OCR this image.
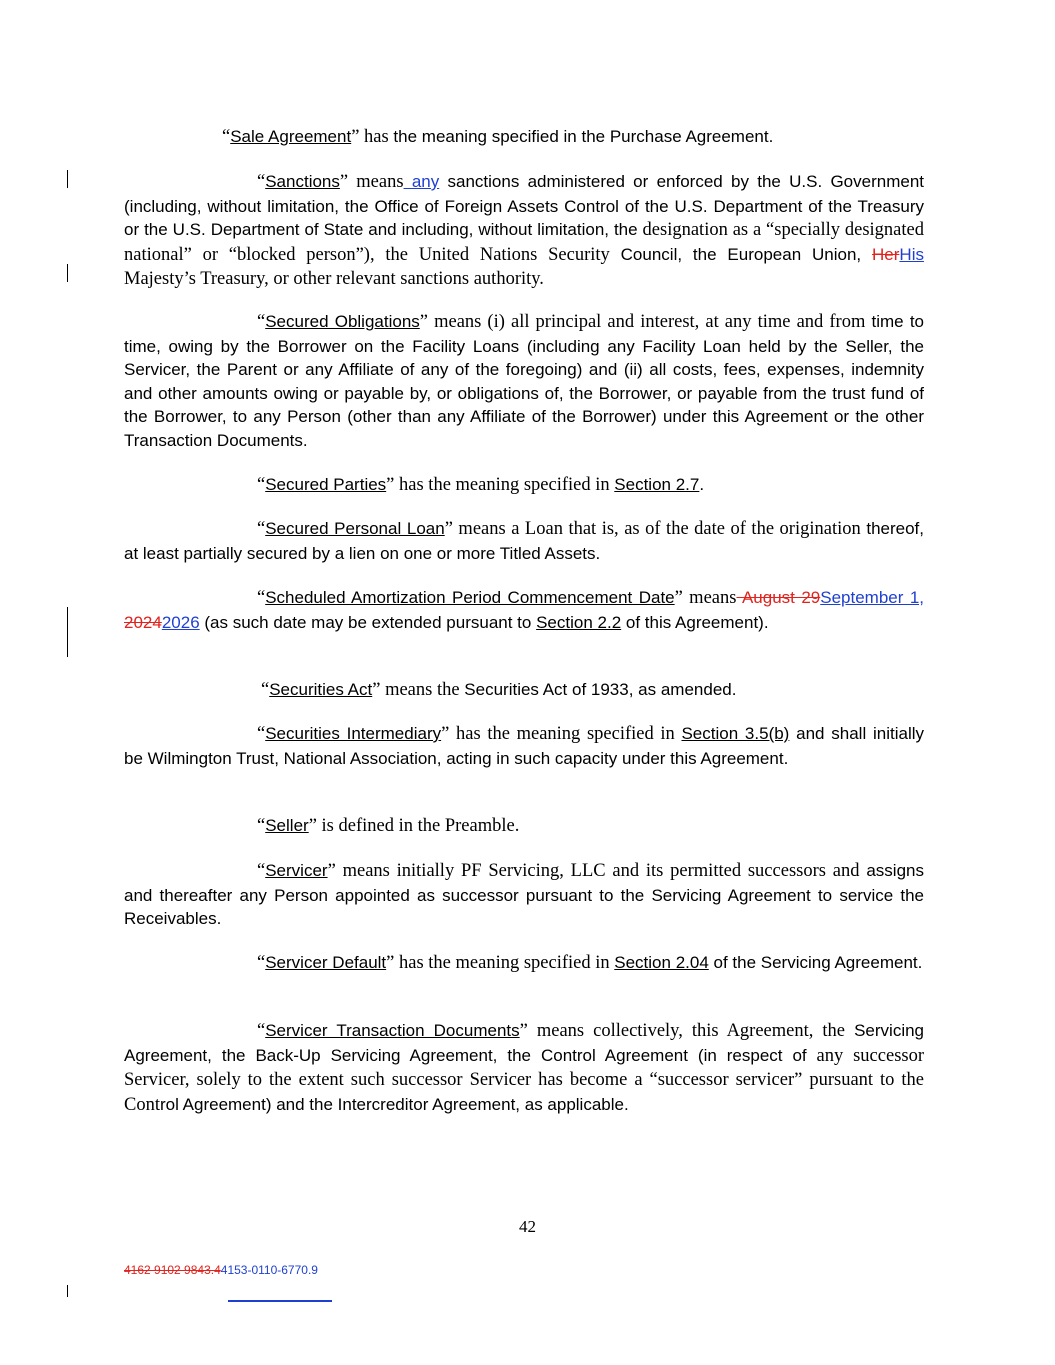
“Sale Agreement” has the meaning specified in the Purchase Agreement.

“Sanctions” means any sanctions administered or enforced by the U.S. Government (including, without limitation, the Office of Foreign Assets Control of the U.S. Department of the Treasury or the U.S. Department of State and including, without limitation, the designation as a “specially designated national” or “blocked person”), the United Nations Security Council, the European Union, HerHis Majesty’s Treasury, or other relevant sanctions authority.

“Secured Obligations” means (i) all principal and interest, at any time and from time to time, owing by the Borrower on the Facility Loans (including any Facility Loan held by the Seller, the Servicer, the Parent or any Affiliate of any of the foregoing) and (ii) all costs, fees, expenses, indemnity and other amounts owing or payable by, or obligations of, the Borrower, or payable from the trust fund of the Borrower, to any Person (other than any Affiliate of the Borrower) under this Agreement or the other Transaction Documents.

“Secured Parties” has the meaning specified in Section 2.7.

“Secured Personal Loan” means a Loan that is, as of the date of the origination thereof, at least partially secured by a lien on one or more Titled Assets.

“Scheduled Amortization Period Commencement Date” means August 29September 1, 20242026 (as such date may be extended pursuant to Section 2.2 of this Agreement).

“Securities Act” means the Securities Act of 1933, as amended.

“Securities Intermediary” has the meaning specified in Section 3.5(b) and shall initially be Wilmington Trust, National Association, acting in such capacity under this Agreement.

“Seller” is defined in the Preamble.

“Servicer” means initially PF Servicing, LLC and its permitted successors and assigns and thereafter any Person appointed as successor pursuant to the Servicing Agreement to service the Receivables.

“Servicer Default” has the meaning specified in Section 2.04 of the Servicing Agreement.

“Servicer Transaction Documents” means collectively, this Agreement, the Servicing Agreement, the Back-Up Servicing Agreement, the Control Agreement (in respect of any successor Servicer, solely to the extent such successor Servicer has become a “successor servicer” pursuant to the Control Agreement) and the Intercreditor Agreement, as applicable.

42
4162 9102 9843.44153-0110-6770.9
